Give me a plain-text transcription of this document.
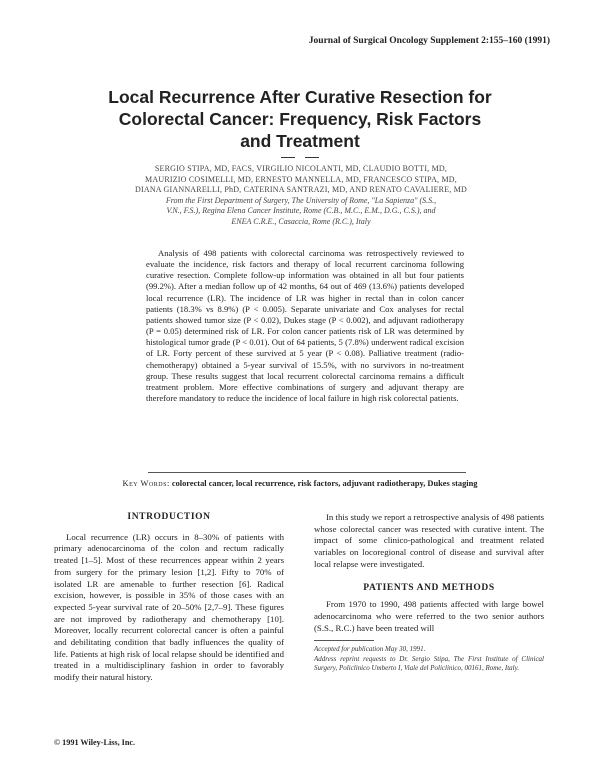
Journal of Surgical Oncology Supplement 2:155–160 (1991)
Local Recurrence After Curative Resection for
Colorectal Cancer: Frequency, Risk Factors
and Treatment
SERGIO STIPA, MD, FACS, VIRGILIO NICOLANTI, MD, CLAUDIO BOTTI, MD,
MAURIZIO COSIMELLI, MD, ERNESTO MANNELLA, MD, FRANCESCO STIPA, MD,
DIANA GIANNARELLI, PhD, CATERINA SANTRAZI, MD, AND RENATO CAVALIERE, MD
From the First Department of Surgery, The University of Rome, "La Sapienza" (S.S.,
V.N., F.S.), Regina Elena Cancer Institute, Rome (C.B., M.C., E.M., D.G., C.S.), and
ENEA C.R.E., Casaccia, Rome (R.C.), Italy

Analysis of 498 patients with colorectal carcinoma was retrospectively reviewed to evaluate the incidence, risk factors and therapy of local recurrent carcinoma following curative resection. Complete follow-up information was obtained in all but four patients (99.2%). After a median follow up of 42 months, 64 out of 469 (13.6%) patients developed local recurrence (LR). The incidence of LR was higher in rectal than in colon cancer patients (18.3% vs 8.9%) (P < 0.005). Separate univariate and Cox analyses for rectal patients showed tumor size (P < 0.02), Dukes stage (P < 0.002), and adjuvant radiotherapy (P = 0.05) determined risk of LR. For colon cancer patients risk of LR was determined by histological tumor grade (P < 0.01). Out of 64 patients, 5 (7.8%) underwent radical excision of LR. Forty percent of these survived at 5 year (P < 0.08). Palliative treatment (radio-chemotherapy) obtained a 5-year survival of 15.5%, with no survivors in no-treatment group. These results suggest that local recurrent colorectal carcinoma remains a difficult treatment problem. More effective combinations of surgery and adjuvant therapy are therefore mandatory to reduce the incidence of local failure in high risk colorectal patients.

Key Words: colorectal cancer, local recurrence, risk factors, adjuvant radiotherapy, Dukes staging
INTRODUCTION

Local recurrence (LR) occurs in 8–30% of patients with primary adenocarcinoma of the colon and rectum radically treated [1–5]. Most of these recurrences appear within 2 years from surgery for the primary lesion [1,2]. Fifty to 70% of isolated LR are amenable to further resection [6]. Radical excision, however, is possible in 35% of those cases with an expected 5-year survival rate of 20–50% [2,7–9]. These figures are not improved by radiotherapy and chemotherapy [10]. Moreover, locally recurrent colorectal cancer is often a painful and debilitating condition that badly influences the quality of life. Patients at high risk of local relapse should be identified and treated in a multidisciplinary fashion in order to favorably modify their natural history.

In this study we report a retrospective analysis of 498 patients whose colorectal cancer was resected with curative intent. The impact of some clinico-pathological and treatment related variables on locoregional control of disease and survival after local relapse were investigated.

PATIENTS AND METHODS

From 1970 to 1990, 498 patients affected with large bowel adenocarcinoma who were referred to the two senior authors (S.S., R.C.) have been treated will

Accepted for publication May 30, 1991.

Address reprint requests to Dr. Sergio Stipa, The First Institute of Clinical Surgery, Policlinico Umberto I, Viale del Policlinico, 00161, Rome, Italy.

© 1991 Wiley-Liss, Inc.
